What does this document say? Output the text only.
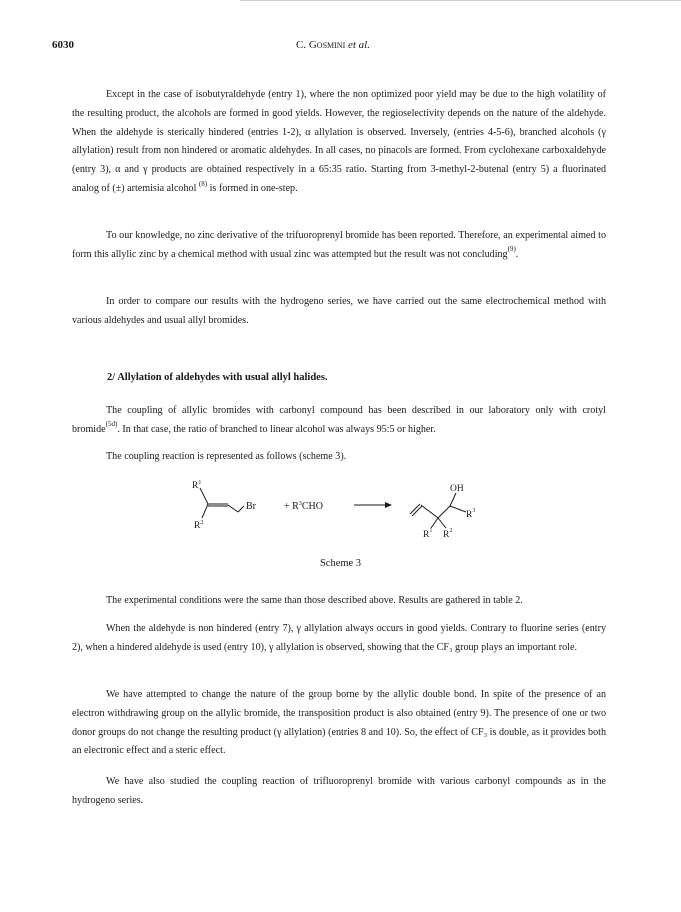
6030	C. Gosmini et al.

Except in the case of isobutyraldehyde (entry 1), where the non optimized poor yield may be due to the high volatility of the resulting product, the alcohols are formed in good yields. However, the regioselectivity depends on the nature of the aldehyde. When the aldehyde is sterically hindered (entries 1-2), α allylation is observed. Inversely, (entries 4-5-6), branched alcohols (γ allylation) result from non hindered or aromatic aldehydes. In all cases, no pinacols are formed. From cyclohexane carboxaldehyde (entry 3), α and γ products are obtained respectively in a 65:35 ratio. Starting from 3-methyl-2-butenal (entry 5) a fluorinated analog of (±) artemisia alcohol $^{(8)}$ is formed in one-step.

To our knowledge, no zinc derivative of the trifuoroprenyl bromide has been reported. Therefore, an experimental aimed to form this allylic zinc by a chemical method with usual zinc was attempted but the result was not concluding$^{(9)}$.

In order to compare our results with the hydrogeno series, we have carried out the same electrochemical method with various aldehydes and usual allyl bromides.

2/ Allylation of aldehydes with usual allyl halides.

The coupling of allylic bromides with carbonyl compound has been described in our laboratory only with crotyl bromide$^{(5d)}$. In that case, the ratio of branched to linear alcohol was always 95:5 or higher.

The coupling reaction is represented as follows (scheme 3).

$R^1$
$R^2$
Br	+ $R^3CHO$
OH
$R^3$
$R^1$ $R^2$
Scheme 3

The experimental conditions were the same than those described above. Results are gathered in table 2.

When the aldehyde is non hindered (entry 7), γ allylation always occurs in good yields. Contrary to fluorine series (entry 2), when a hindered aldehyde is used (entry 10), γ allylation is observed, showing that the CF₃ group plays an important role.

We have attempted to change the nature of the group borne by the allylic double bond. In spite of the presence of an electron withdrawing group on the allylic bromide, the transposition product is also obtained (entry 9). The presence of one or two donor groups do not change the resulting product (γ allylation) (entries 8 and 10). So, the effect of CF₃ is double, as it provides both an electronic effect and a steric effect.

We have also studied the coupling reaction of trifluoroprenyl bromide with various carbonyl compounds as in the hydrogeno series.
